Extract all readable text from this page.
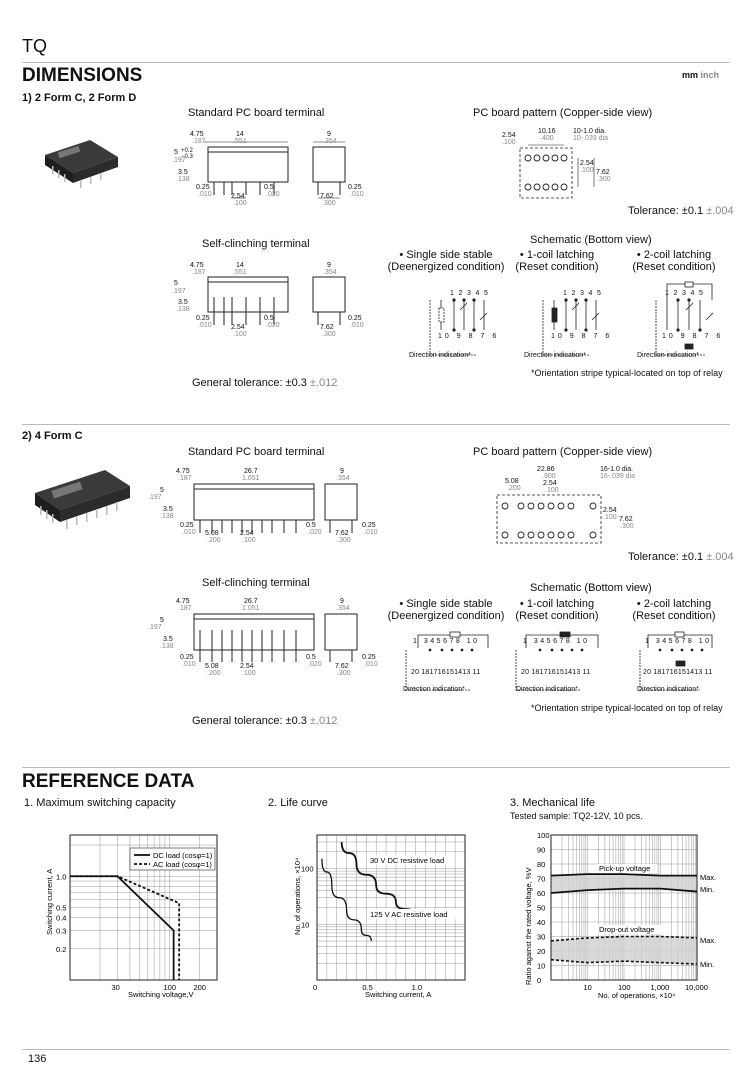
TQ
DIMENSIONS	mm inch
1) 2 Form C, 2 Form D
Standard PC board terminal	PC board pattern (Copper-side view)
4.75
.187
14
.551
9
.354
5 +0.2 −0.3
.197
3.5
.138
0.25
.010
0.5
.020
2.54
.100
7.62
.300
0.25
.010
10.16
.400
10-1.0 dia.
10-.039 dia
2.54
.100
2.54
.100 7.62
.300
Tolerance: ±0.1 ±.004
Self-clinching terminal
4.75
.187
14
.551
9
.354
5
.197
3.5
.138
0.25
.010
0.5
.020
2.54
.100
7.62
.300
0.25
.010
General tolerance: ±0.3 ±.012
Schematic (Bottom view)
• Single side stable
(Deenergized condition)
• 1-coil latching
(Reset condition)
• 2-coil latching
(Reset condition)
12345
10 9 8 7 6
12345
10 9 8 7 6
12345
10 9 8 7 6
Direction indication*	Direction indication*	Direction indication*
*Orientation stripe typical-located on top of relay
2) 4 Form C
Standard PC board terminal	PC board pattern (Copper-side view)
4.75
.187
26.7
1.051
9
.354
5
.197
3.5
.138
0.25
.010 5.08
.200
2.54
.100
0.5
.020 7.62
.300
0.25
.010
22.86
.900
16-1.0 dia.
16-.039 dia
5.08
.200
2.54
.100
2.54
.100 7.62
.300
Tolerance: ±0.1 ±.004
Self-clinching terminal
4.75
.187
26.7
1.051
9
.354
5
.197
3.5
.138
0.25
.010 5.08
.200
2.54
.100
0.5
.020 7.62
.300
0.25
.010
General tolerance: ±0.3 ±.012
Schematic (Bottom view)
• Single side stable
(Deenergized condition)
• 1-coil latching
(Reset condition)
• 2-coil latching
(Reset condition)
1 345678 10
20 181716151413 11
1 345678 10
20 181716151413 11
1 345678 10
20 181716151413 11
Direction indication*	Direction indication*	Direction indication*
*Orientation stripe typical-located on top of relay
REFERENCE DATA
1. Maximum switching capacity	2. Life curve	3. Mechanical life
Tested sample: TQ2-12V, 10 pcs.
DC load (cosφ=1)
AC load (cosφ=1)
30	100 200
1.0
0.5
0.4
0.3
0.2
Switching voltage,V
Switching current, A
30 V DC resistive load
125 V AC resistive load
0	0.5	1.0
100
10
Switching current, A
No. of operations, ×10⁴	Pick-up voltage
Drop-out voltage
Max.
Min.
Max.
Min.
10	100	1,000 10,000
0
10
20
30
40
50
60
70
80
90
100
No. of operations, ×10⁴
Ratio against the rated voltage, %V
136
